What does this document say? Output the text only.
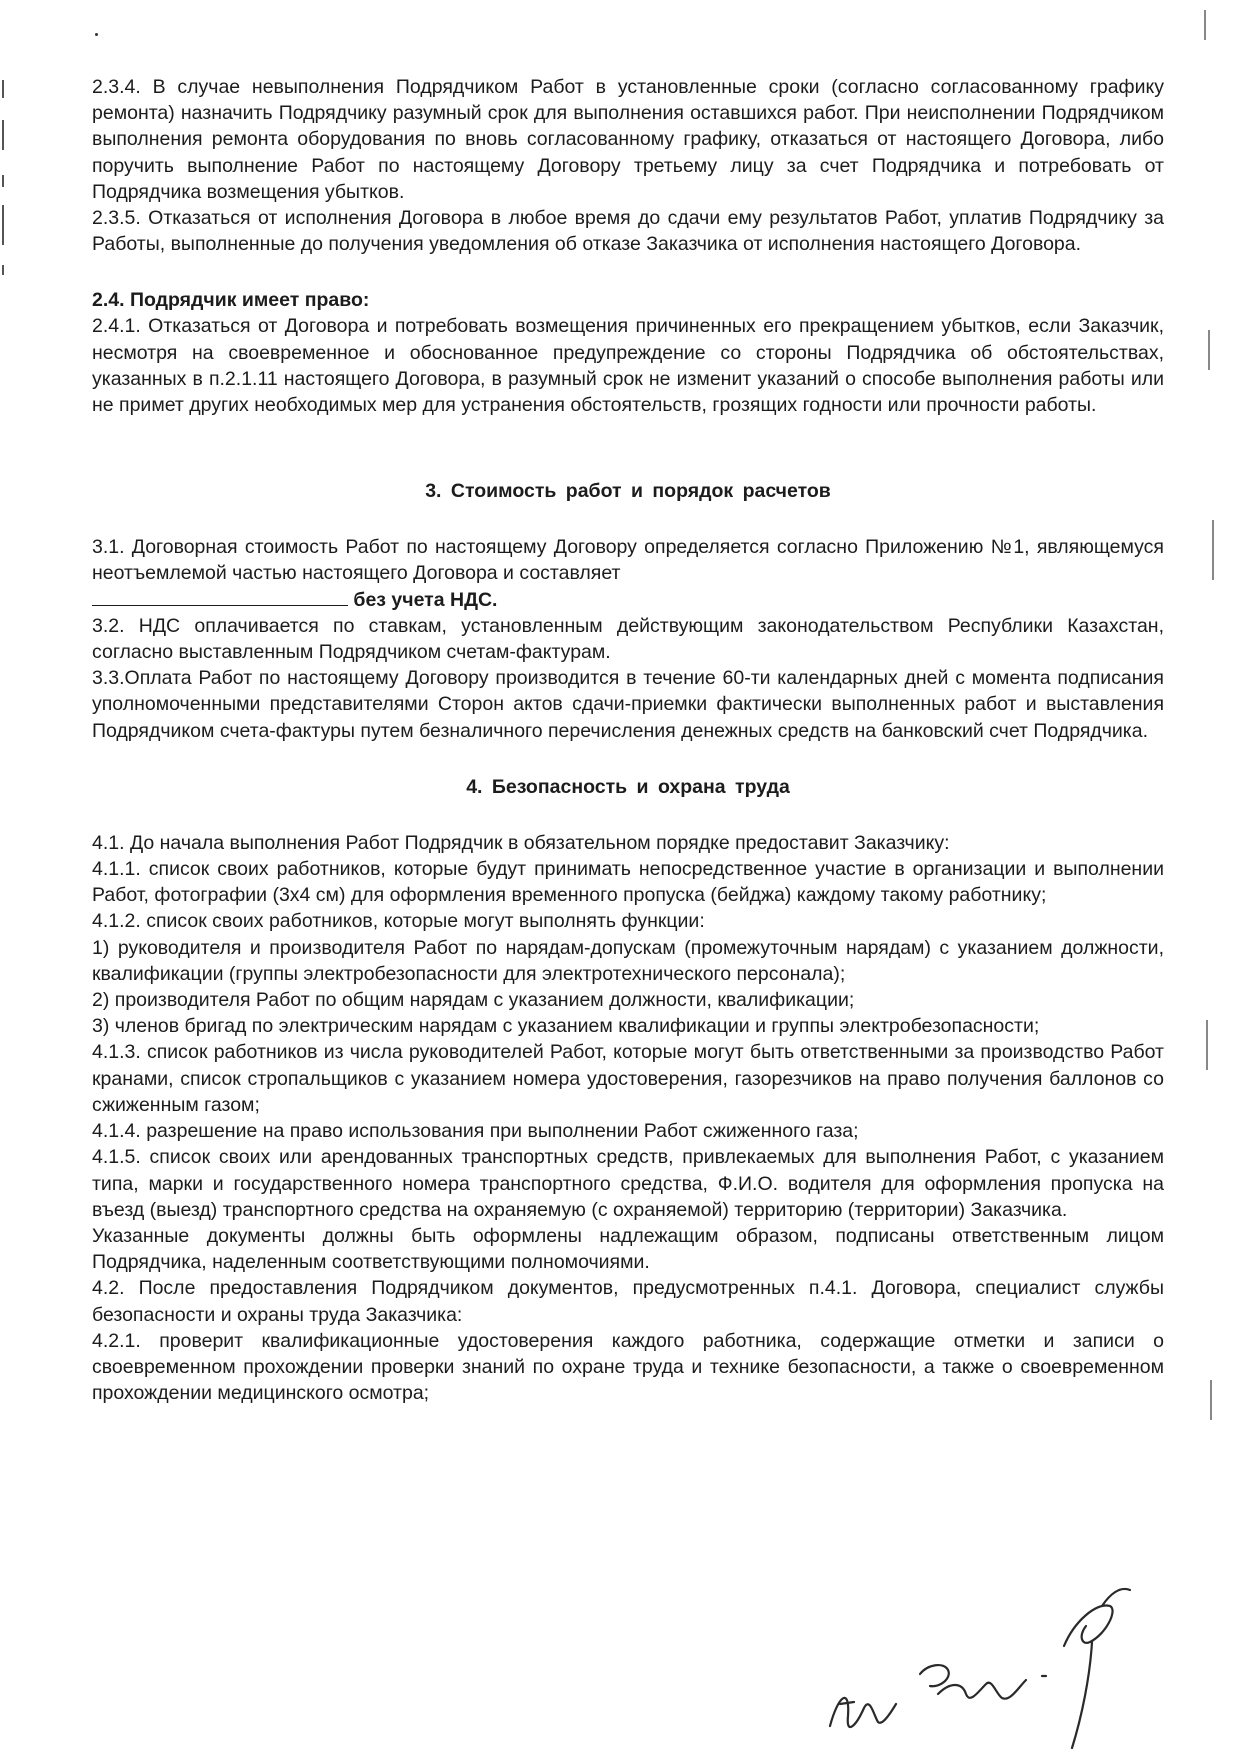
2.3.4. В случае невыполнения Подрядчиком Работ в установленные сроки (согласно согласованному графику ремонта) назначить Подрядчику разумный срок для выполнения оставшихся работ. При неисполнении Подрядчиком выполнения ремонта оборудования по вновь согласованному графику, отказаться от настоящего Договора, либо поручить выполнение Работ по настоящему Договору третьему лицу за счет Подрядчика и потребовать от Подрядчика возмещения убытков.

2.3.5. Отказаться от исполнения Договора в любое время до сдачи ему результатов Работ, уплатив Подрядчику за Работы, выполненные до получения уведомления об отказе Заказчика от исполнения настоящего Договора.

2.4. Подрядчик имеет право:

2.4.1. Отказаться от Договора и потребовать возмещения причиненных его прекращением убытков, если Заказчик, несмотря на своевременное и обоснованное предупреждение со стороны Подрядчика об обстоятельствах, указанных в п.2.1.11 настоящего Договора, в разумный срок не изменит указаний о способе выполнения работы или не примет других необходимых мер для устранения обстоятельств, грозящих годности или прочности работы.

3. Стоимость работ и порядок расчетов

3.1. Договорная стоимость Работ по настоящему Договору определяется согласно Приложению №1, являющемуся неотъемлемой частью настоящего Договора и составляет
без учета НДС.

3.2. НДС оплачивается по ставкам, установленным действующим законодательством Республики Казахстан, согласно выставленным Подрядчиком счетам-фактурам.

3.3.Оплата Работ по настоящему Договору производится в течение 60-ти календарных дней с момента подписания уполномоченными представителями Сторон актов сдачи-приемки фактически выполненных работ и выставления Подрядчиком счета-фактуры путем безналичного перечисления денежных средств на банковский счет Подрядчика.

4. Безопасность и охрана труда

4.1. До начала выполнения Работ Подрядчик в обязательном порядке предоставит Заказчику:

4.1.1. список своих работников, которые будут принимать непосредственное участие в организации и выполнении Работ, фотографии (3х4 см) для оформления временного пропуска (бейджа) каждому такому работнику;

4.1.2. список своих работников, которые могут выполнять функции:

1) руководителя и производителя Работ по нарядам-допускам (промежуточным нарядам) с указанием должности, квалификации (группы электробезопасности для электротехнического персонала);

2) производителя Работ по общим нарядам с указанием должности, квалификации;

3) членов бригад по электрическим нарядам с указанием квалификации и группы электробезопасности;

4.1.3. список работников из числа руководителей Работ, которые могут быть ответственными за производство Работ кранами, список стропальщиков с указанием номера удостоверения, газорезчиков на право получения баллонов со сжиженным газом;

4.1.4. разрешение на право использования при выполнении Работ сжиженного газа;

4.1.5. список своих или арендованных транспортных средств, привлекаемых для выполнения Работ, с указанием типа, марки и государственного номера транспортного средства, Ф.И.О. водителя для оформления пропуска на въезд (выезд) транспортного средства на охраняемую (с охраняемой) территорию (территории) Заказчика.

Указанные документы должны быть оформлены надлежащим образом, подписаны ответственным лицом Подрядчика, наделенным соответствующими полномочиями.

4.2. После предоставления Подрядчиком документов, предусмотренных п.4.1. Договора, специалист службы безопасности и охраны труда Заказчика:

4.2.1. проверит квалификационные удостоверения каждого работника, содержащие отметки и записи о своевременном прохождении проверки знаний по охране труда и технике безопасности, а также о своевременном прохождении медицинского осмотра;
